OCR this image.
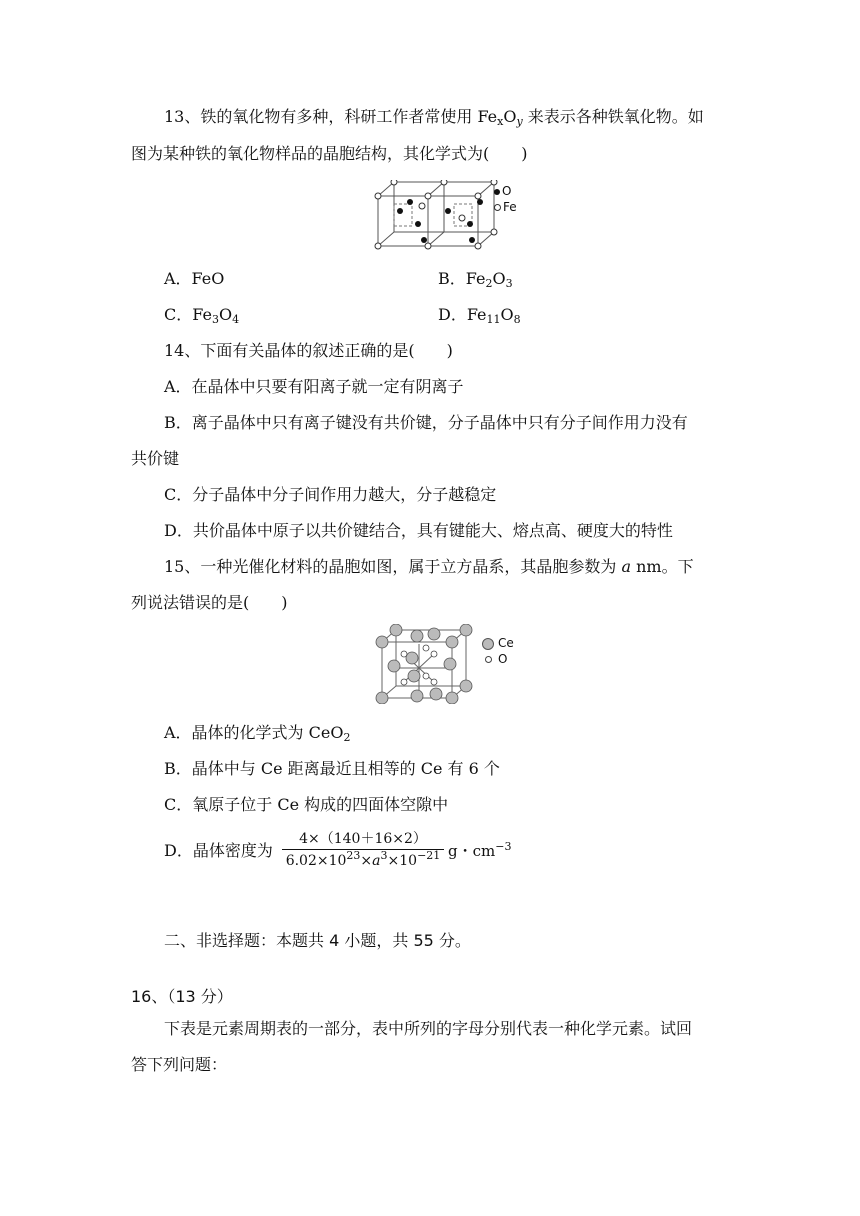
13、铁的氧化物有多种，科研工作者常使用 $Fe_xO_y$ 来表示各种铁氧化物。如
图为某种铁的氧化物样品的晶胞结构，其化学式为(　　)
O
Fe
A．FeO	B．$Fe_2O_3$
C．$Fe_3O_4$	D．$Fe_{11}O_8$
14、下面有关晶体的叙述正确的是(　　)
A．在晶体中只要有阳离子就一定有阴离子
B．离子晶体中只有离子键没有共价键，分子晶体中只有分子间作用力没有
共价键
C．分子晶体中分子间作用力越大，分子越稳定
D．共价晶体中原子以共价键结合，具有键能大、熔点高、硬度大的特性
15、一种光催化材料的晶胞如图，属于立方晶系，其晶胞参数为 a nm。下
列说法错误的是(　　)
Ce
O
A．晶体的化学式为 CeO$_2$
B．晶体中与 Ce 距离最近且相等的 Ce 有 6 个
C．氧原子位于 Ce 构成的四面体空隙中
D．晶体密度为
4×（140＋16×2）
$6.02\times 10^{23}\times a^3\times 10^{-21}$ g・$cm^{-3}$
二、非选择题：本题共 4 小题，共 55 分。
16、（13 分）
下表是元素周期表的一部分，表中所列的字母分别代表一种化学元素。试回
答下列问题：
